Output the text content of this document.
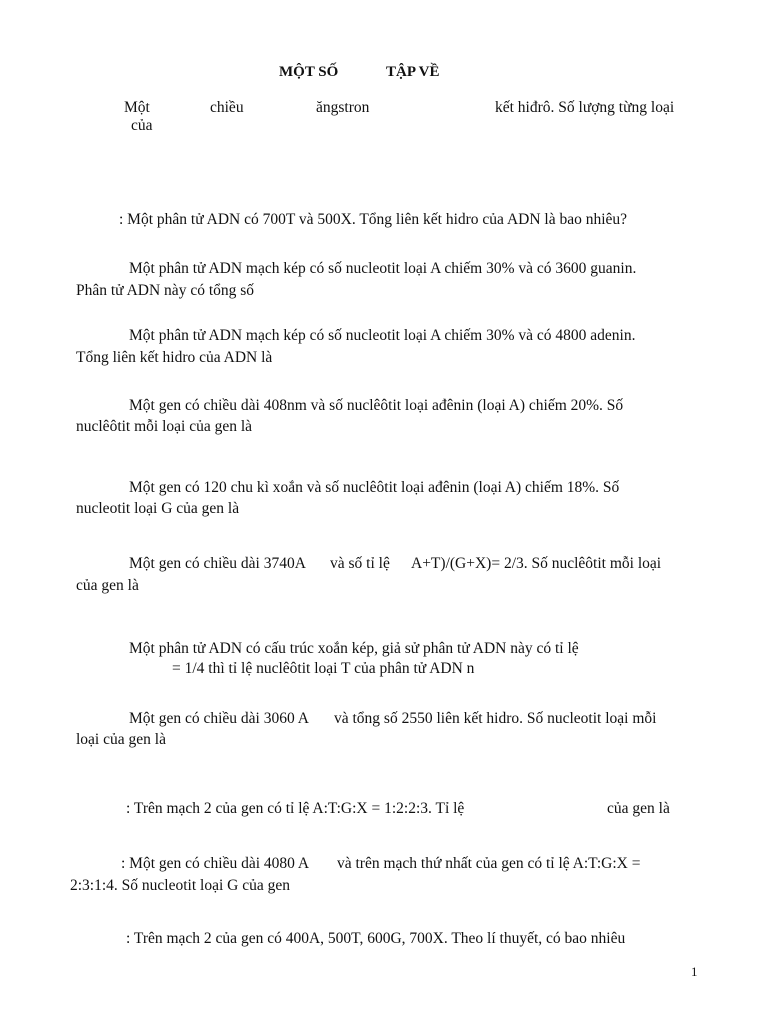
MỘT SỐ	TẬP VỀ
Một	chiều	ăngstron	kết hiđrô. Số lượng từng loại
của
: Một phân tử ADN có 700T và 500X. Tổng liên kết hidro của ADN là bao nhiêu?
Một phân tử ADN mạch kép có số nucleotit loại A chiếm 30% và có 3600 guanin.
Phân tử ADN này có tổng số
Một phân tử ADN mạch kép có số nucleotit loại A chiếm 30% và có 4800 adenin.
Tổng liên kết hidro của ADN là
Một gen có chiều dài 408nm và số nuclêôtit loại ađênin (loại A) chiếm 20%. Số
nuclêôtit mỗi loại của gen là
Một gen có 120 chu kì xoắn và số nuclêôtit loại ađênin (loại A) chiếm 18%. Số
nucleotit loại G của gen là
Một gen có chiều dài 3740A và số tỉ lệ A+T)/(G+X)= 2/3. Số nuclêôtit mỗi loại
của gen là
Một phân tử ADN có cấu trúc xoắn kép, giả sử phân tử ADN này có tỉ lệ
= 1/4 thì tỉ lệ nuclêôtit loại T của phân tử ADN n
Một gen có chiều dài 3060 A và tổng số 2550 liên kết hidro. Số nucleotit loại mỗi
loại của gen là
: Trên mạch 2 của gen có tỉ lệ A:T:G:X = 1:2:2:3. Tỉ lệ	của gen là
: Một gen có chiều dài 4080 A và trên mạch thứ nhất của gen có tỉ lệ A:T:G:X =
2:3:1:4. Số nucleotit loại G của gen
: Trên mạch 2 của gen có 400A, 500T, 600G, 700X. Theo lí thuyết, có bao nhiêu
1
